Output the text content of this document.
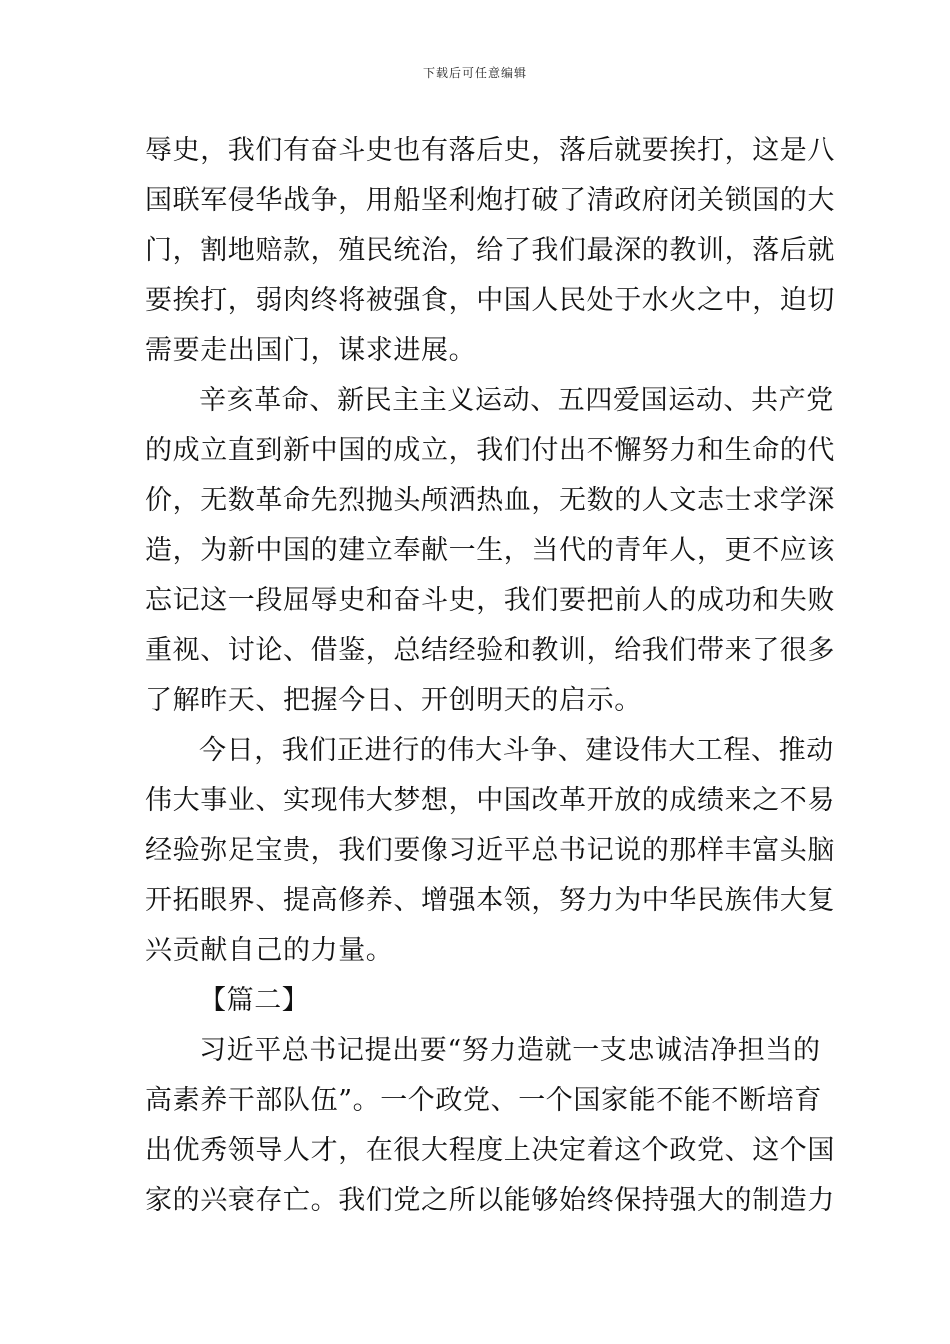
下载后可任意编辑
辱史，我们有奋斗史也有落后史，落后就要挨打，这是八
国联军侵华战争，用船坚利炮打破了清政府闭关锁国的大
门，割地赔款，殖民统治，给了我们最深的教训，落后就
要挨打，弱肉终将被强食，中国人民处于水火之中，迫切
需要走出国门，谋求进展。
辛亥革命、新民主主义运动、五四爱国运动、共产党
的成立直到新中国的成立，我们付出不懈努力和生命的代
价，无数革命先烈抛头颅洒热血，无数的人文志士求学深
造，为新中国的建立奉献一生，当代的青年人，更不应该
忘记这一段屈辱史和奋斗史，我们要把前人的成功和失败
重视、讨论、借鉴，总结经验和教训，给我们带来了很多
了解昨天、把握今日、开创明天的启示。
今日，我们正进行的伟大斗争、建设伟大工程、推动
伟大事业、实现伟大梦想，中国改革开放的成绩来之不易
经验弥足宝贵，我们要像习近平总书记说的那样丰富头脑
开拓眼界、提高修养、增强本领，努力为中华民族伟大复
兴贡献自己的力量。
【篇二】
习近平总书记提出要“努力造就一支忠诚洁净担当的
高素养干部队伍”。一个政党、一个国家能不能不断培育
出优秀领导人才，在很大程度上决定着这个政党、这个国
家的兴衰存亡。我们党之所以能够始终保持强大的制造力
